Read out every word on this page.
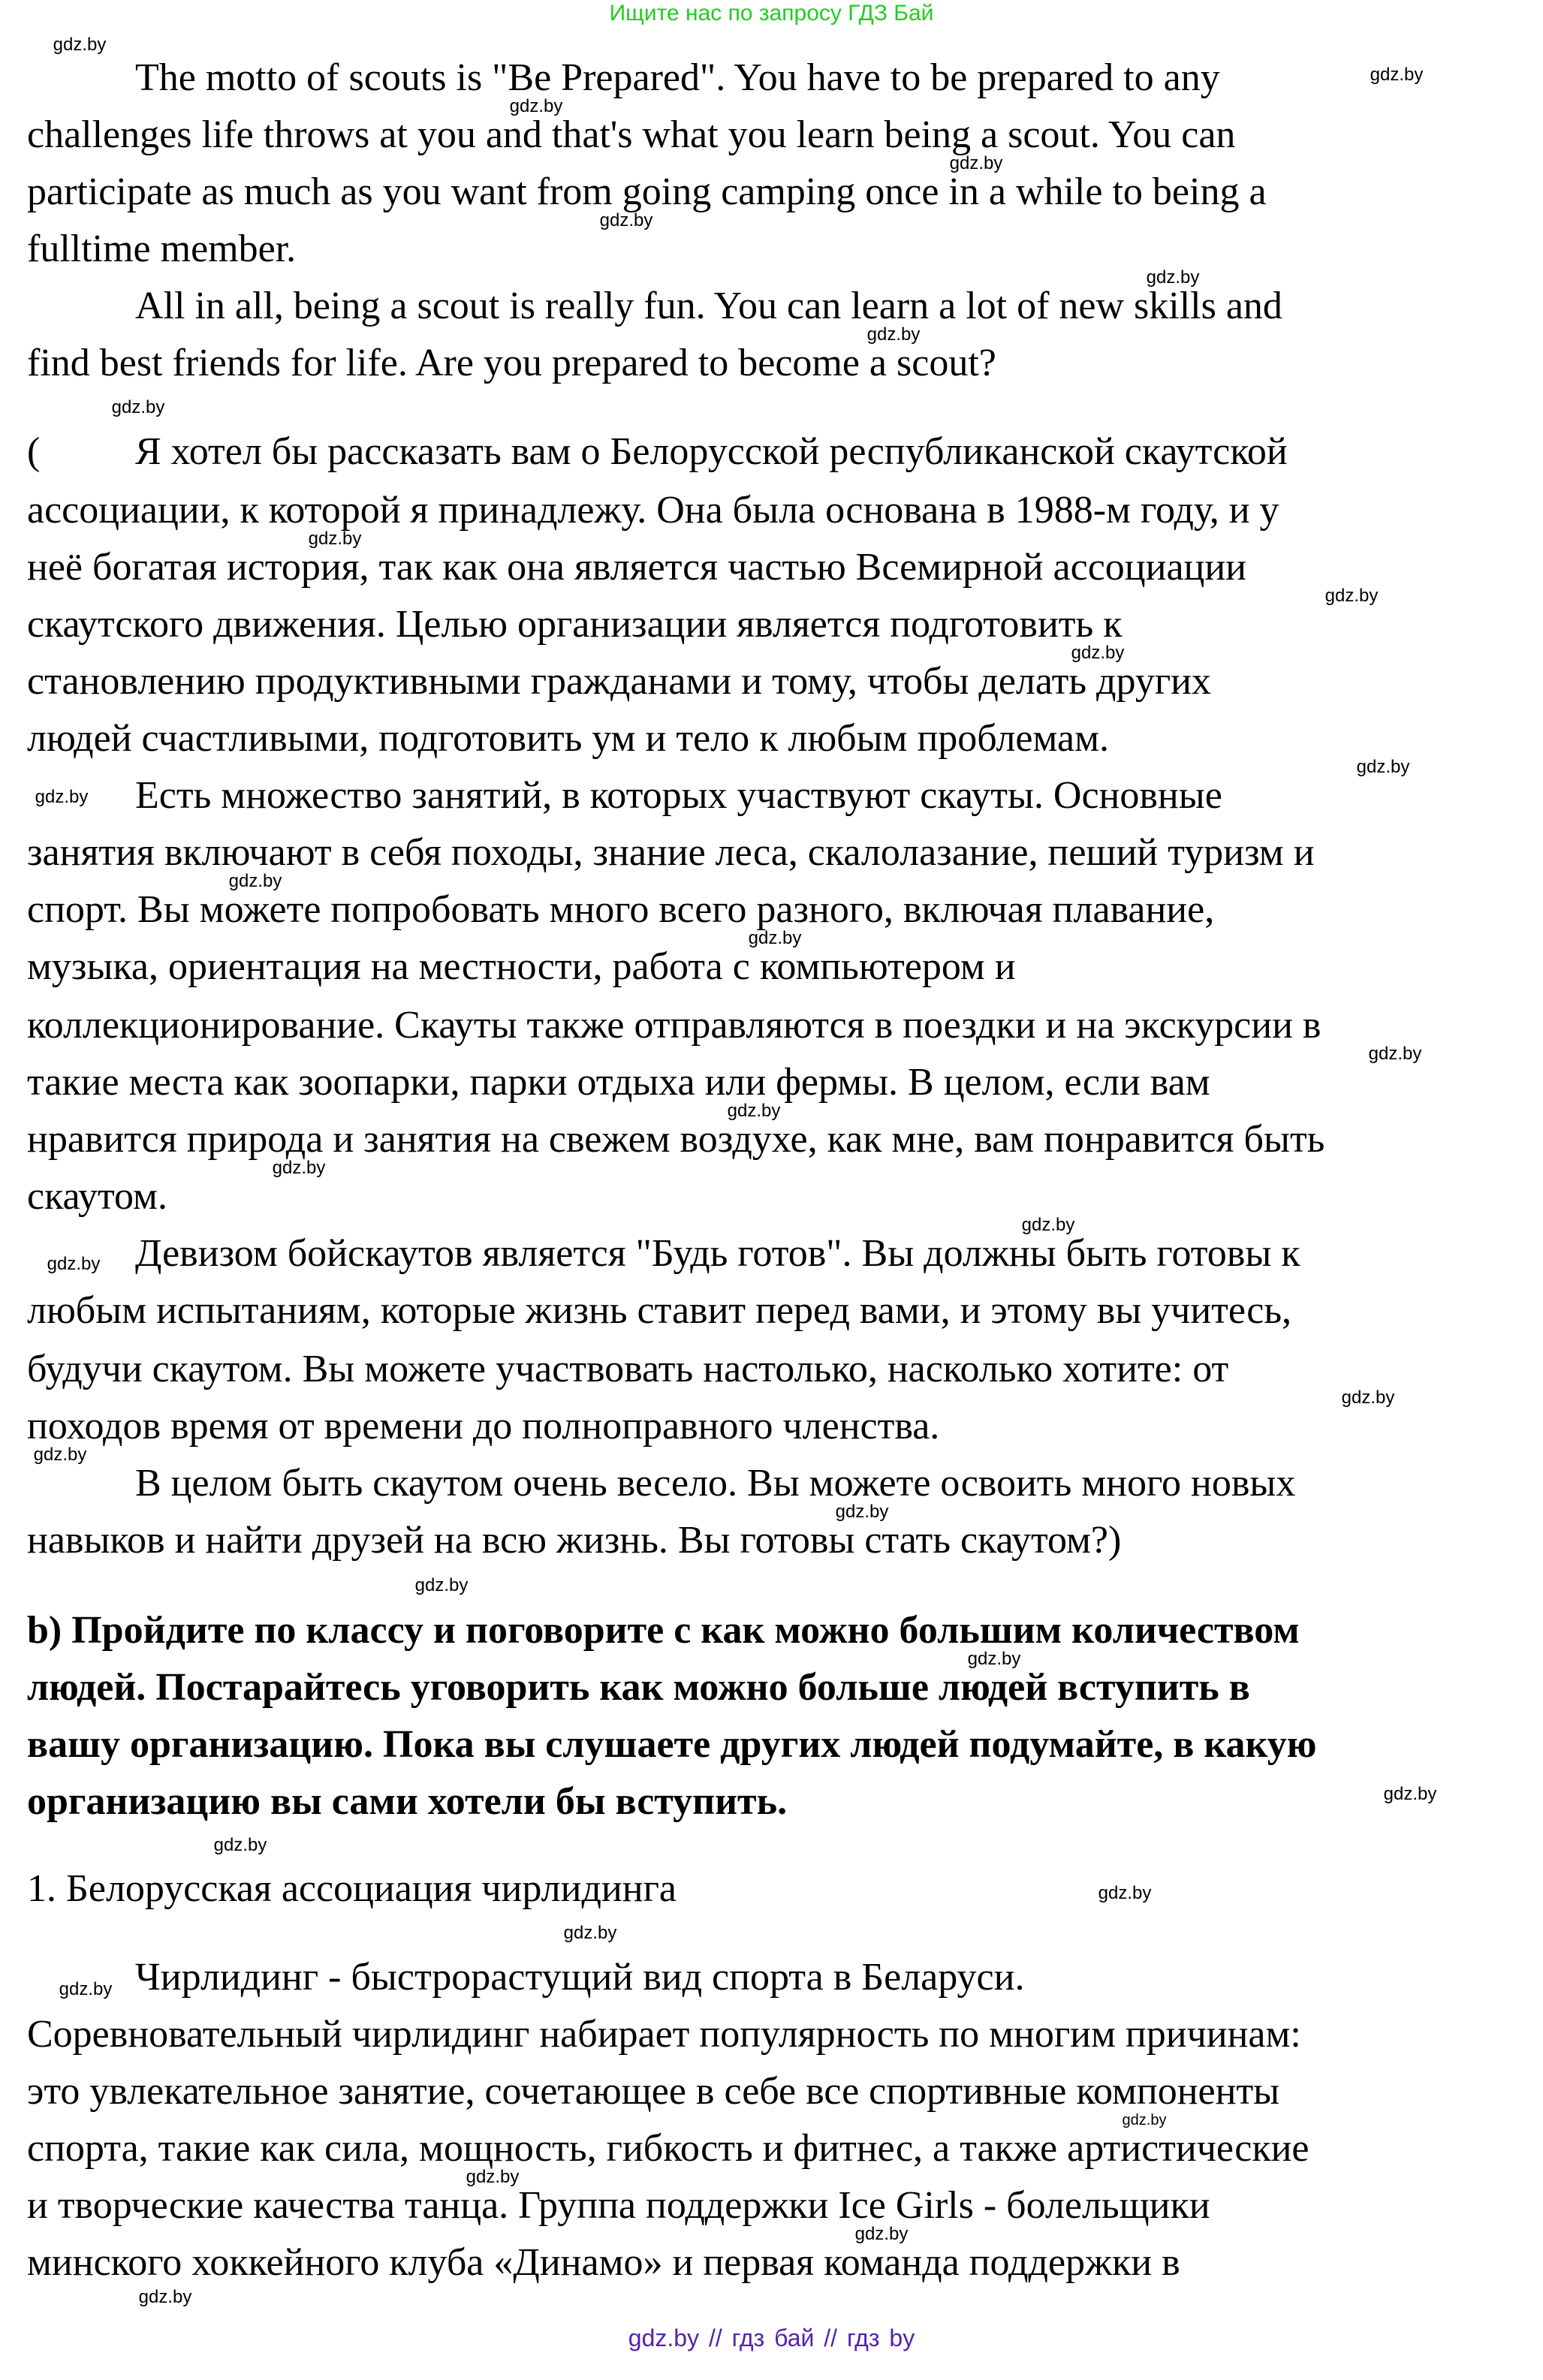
Ищите нас по запросу ГДЗ Бай
The motto of scouts is "Be Prepared". You have to be prepared to any
challenges life throws at you and that's what you learn being a scout. You can
participate as much as you want from going camping once in a while to being a
fulltime member.
All in all, being a scout is really fun. You can learn a lot of new skills and
find best friends for life. Are you prepared to become a scout?
( Я хотел бы рассказать вам о Белорусской республиканской скаутской
ассоциации, к которой я принадлежу. Она была основана в 1988-м году, и у
неё богатая история, так как она является частью Всемирной ассоциации
скаутского движения. Целью организации является подготовить к
становлению продуктивными гражданами и тому, чтобы делать других
людей счастливыми, подготовить ум и тело к любым проблемам.
Есть множество занятий, в которых участвуют скауты. Основные
занятия включают в себя походы, знание леса, скалолазание, пеший туризм и
спорт. Вы можете попробовать много всего разного, включая плавание,
музыка, ориентация на местности, работа с компьютером и
коллекционирование. Скауты также отправляются в поездки и на экскурсии в
такие места как зоопарки, парки отдыха или фермы. В целом, если вам
нравится природа и занятия на свежем воздухе, как мне, вам понравится быть
скаутом.
Девизом бойскаутов является "Будь готов". Вы должны быть готовы к
любым испытаниям, которые жизнь ставит перед вами, и этому вы учитесь,
будучи скаутом. Вы можете участвовать настолько, насколько хотите: от
походов время от времени до полноправного членства.
В целом быть скаутом очень весело. Вы можете освоить много новых
навыков и найти друзей на всю жизнь. Вы готовы стать скаутом?)
b) Пройдите по классу и поговорите с как можно большим количеством
людей. Постарайтесь уговорить как можно больше людей вступить в
вашу организацию. Пока вы слушаете других людей подумайте, в какую
организацию вы сами хотели бы вступить.
1. Белорусская ассоциация чирлидинга
Чирлидинг - быстрорастущий вид спорта в Беларуси.
Соревновательный чирлидинг набирает популярность по многим причинам:
это увлекательное занятие, сочетающее в себе все спортивные компоненты
спорта, такие как сила, мощность, гибкость и фитнес, а также артистические
и творческие качества танца. Группа поддержки Ice Girls - болельщики
минского хоккейного клуба «Динамо» и первая команда поддержки в
gdz.by
gdz.by
gdz.by
gdz.by
gdz.by
gdz.by
gdz.by
gdz.by
gdz.by
gdz.by
gdz.by
gdz.by
gdz.by
gdz.by
gdz.by
gdz.by
gdz.by
gdz.by
gdz.by
gdz.by
gdz.by
gdz.by
gdz.by
gdz.by
gdz.by
gdz.by
gdz.by
gdz.by
gdz.by
gdz.by
gdz.by
gdz.by
gdz.by
gdz.by
gdz.by // гдз бай // гдз by
